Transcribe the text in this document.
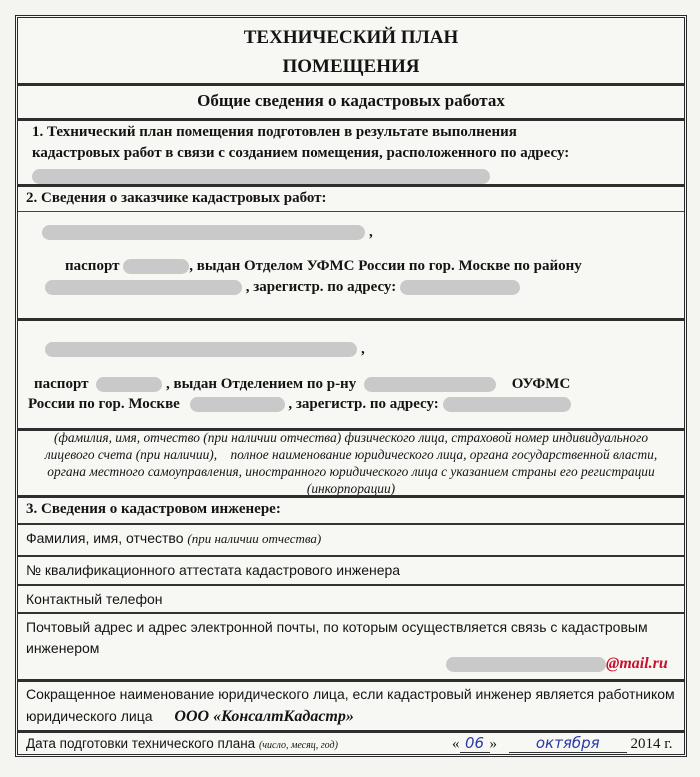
ТЕХНИЧЕСКИЙ ПЛАН
ПОМЕЩЕНИЯ
Общие сведения о кадастровых работах
1. Технический план помещения подготовлен в результате выполнения
кадастровых работ в связи с созданием помещения, расположенного по адресу:
2. Сведения о заказчике кадастровых работ:
,
паспорт	, выдан Отделом УФМС России по гор. Москве по району
, зарегистр. по адресу:
,
паспорт	, выдан Отделением по р-ну	ОУФМС
России по гор. Москве	, зарегистр. по адресу:
(фамилия, имя, отчество (при наличии отчества) физического лица, страховой номер индивидуального
лицевого счета (при наличии),    полное наименование юридического лица, органа государственной власти,
органа местного самоуправления, иностранного юридического лица с указанием страны его регистрации
(инкорпорации)
3. Сведения о кадастровом инженере:
Фамилия, имя, отчество (при наличии отчества)
№ квалификационного аттестата кадастрового инженера
Контактный телефон
Почтовый адрес и адрес электронной почты, по которым осуществляется связь с кадастровым
инженером
@mail.ru
Сокращенное наименование юридического лица, если кадастровый инженер является работником
юридического лица ООО «КонсалтКадастр»
Дата подготовки технического плана (число, месяц, год)	« 06 »	октября 2014 г.
